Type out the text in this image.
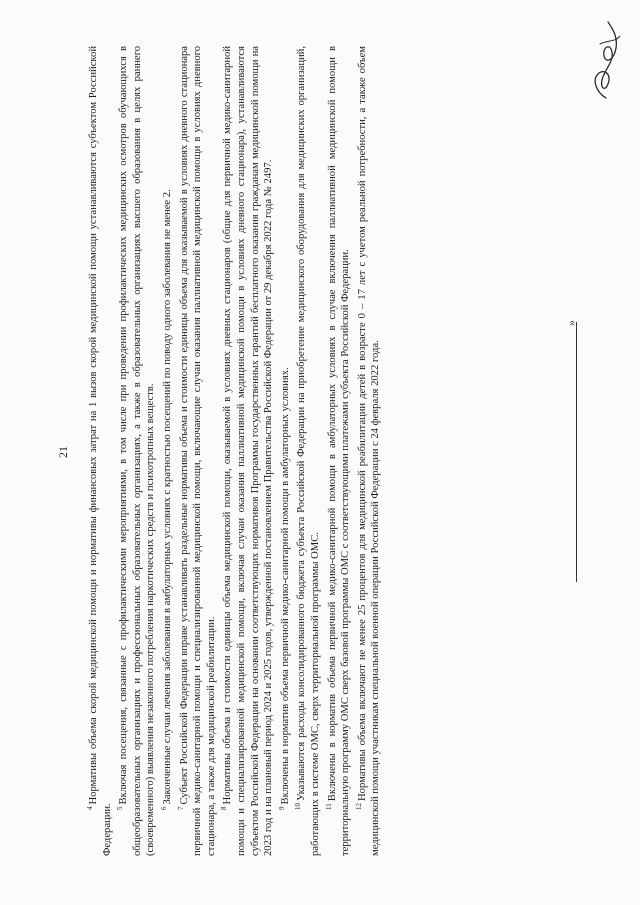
21

$^4$Нормативы объема скорой медицинской помощи и нормативы финансовых затрат на 1 вызов скорой медицинской помощи устанавливаются субъектом Российской Федерации. $^5$Включая посещения, связанные с профилактическими мероприятиями, в том числе при проведении профилактических медицинских осмотров обучающихся в общеобразовательных организациях и профессиональных образовательных организациях, а также в образовательных организациях высшего образования в целях раннего (своевременного) выявления незаконного потребления наркотических средств и психотропных веществ. $^6$Законченные случаи лечения заболевания в амбулаторных условиях с кратностью посещений по поводу одного заболевания не менее 2.

$^7$Субъект Российской Федерации вправе устанавливать раздельные нормативы объема и стоимости единицы объема для оказываемой в условиях дневного стационара первичной медико-санитарной помощи и специализированной медицинской помощи, включающие случаи оказания паллиативной медицинской помощи в условиях дневного стационара, а также для медицинской реабилитации. $^8$Нормативы объема и стоимости единицы объема медицинской помощи, оказываемой в условиях дневных стационаров (общие для первичной медико-санитарной помощи и специализированной медицинской помощи, включая случаи оказания паллиативной медицинской помощи в условиях дневного стационара), устанавливаются субъектом Российской Федерации на основании соответствующих нормативов Программы государственных гарантий бесплатного оказания гражданам медицинской помощи на 2023 год и на плановый период 2024 и 2025 годов, утвержденной постановлением Правительства Российской Федерации от 29 декабря 2022 года № 2497. $^9$Включены в норматив объема первичной медико-санитарной помощи в амбулаторных условиях.

$^{10}$Указываются расходы консолидированного бюджета субъекта Российской Федерации на приобретение медицинского оборудования для медицинских организаций, работающих в системе ОМС, сверх территориальной программы ОМС. $^{11}$Включены в норматив объема первичной медико-санитарной помощи в амбулаторных условиях в случае включения паллиативной медицинской помощи в территориальную программу ОМС сверх базовой программы ОМС с соответствующими платежами субъекта Российской Федерации. $^{12}$Нормативы объема включают не менее 25 процентов для медицинской реабилитации детей в возрасте 0 – 17 лет с учетом реальной потребности, а также объем медицинской помощи участникам специальной военной операции Российской Федерации с 24 февраля 2022 года.

»
